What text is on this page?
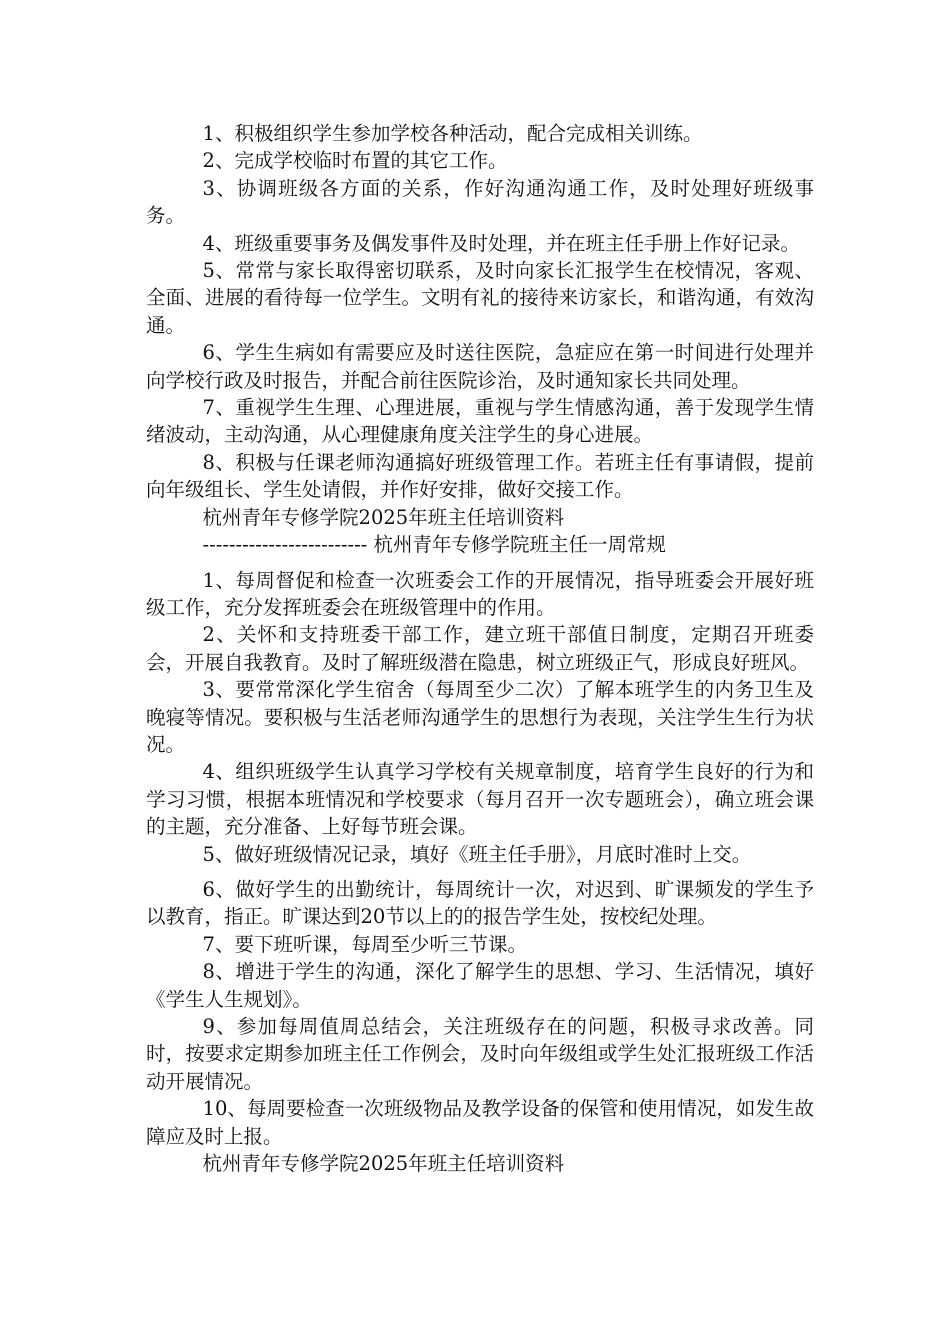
1、积极组织学生参加学校各种活动，配合完成相关训练。

2、完成学校临时布置的其它工作。

3、协调班级各方面的关系，作好沟通沟通工作，及时处理好班级事务。

4、班级重要事务及偶发事件及时处理，并在班主任手册上作好记录。

5、常常与家长取得密切联系，及时向家长汇报学生在校情况，客观、全面、进展的看待每一位学生。文明有礼的接待来访家长，和谐沟通，有效沟通。

6、学生生病如有需要应及时送往医院，急症应在第一时间进行处理并向学校行政及时报告，并配合前往医院诊治，及时通知家长共同处理。

7、重视学生生理、心理进展，重视与学生情感沟通，善于发现学生情绪波动，主动沟通，从心理健康角度关注学生的身心进展。

8、积极与任课老师沟通搞好班级管理工作。若班主任有事请假，提前向年级组长、学生处请假，并作好安排，做好交接工作。

杭州青年专修学院2025年班主任培训资料

------------------------- 杭州青年专修学院班主任一周常规

1、每周督促和检查一次班委会工作的开展情况，指导班委会开展好班级工作，充分发挥班委会在班级管理中的作用。

2、关怀和支持班委干部工作，建立班干部值日制度，定期召开班委会，开展自我教育。及时了解班级潜在隐患，树立班级正气，形成良好班风。

3、要常常深化学生宿舍（每周至少二次）了解本班学生的内务卫生及晚寝等情况。要积极与生活老师沟通学生的思想行为表现，关注学生生行为状况。

4、组织班级学生认真学习学校有关规章制度，培育学生良好的行为和学习习惯，根据本班情况和学校要求（每月召开一次专题班会），确立班会课的主题，充分准备、上好每节班会课。

5、做好班级情况记录，填好《班主任手册》，月底时准时上交。

6、做好学生的出勤统计，每周统计一次，对迟到、旷课频发的学生予以教育，指正。旷课达到20节以上的的报告学生处，按校纪处理。

7、要下班听课，每周至少听三节课。

8、增进于学生的沟通，深化了解学生的思想、学习、生活情况，填好《学生人生规划》。

9、参加每周值周总结会，关注班级存在的问题，积极寻求改善。同时，按要求定期参加班主任工作例会，及时向年级组或学生处汇报班级工作活动开展情况。

10、每周要检查一次班级物品及教学设备的保管和使用情况，如发生故障应及时上报。

杭州青年专修学院2025年班主任培训资料
